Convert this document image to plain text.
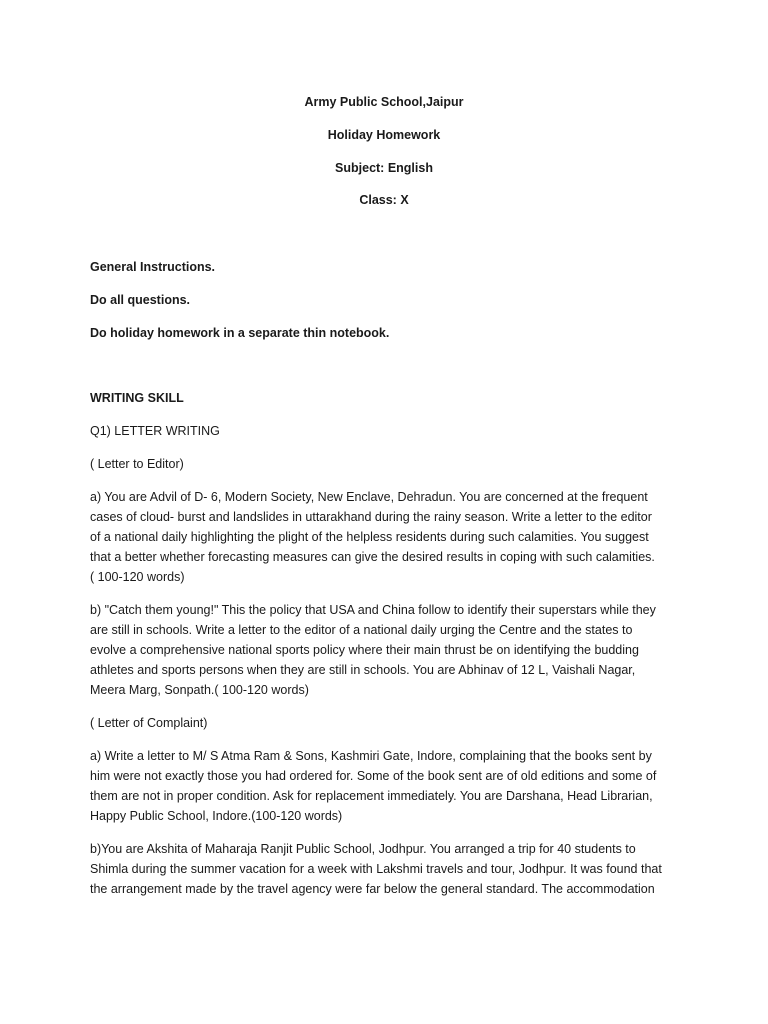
Army Public School,Jaipur
Holiday Homework
Subject: English
Class: X
General Instructions.
Do all questions.
Do holiday homework in a separate thin notebook.
WRITING SKILL
Q1) LETTER WRITING
( Letter to Editor)
a) You are Advil of D- 6, Modern Society, New Enclave, Dehradun. You are concerned at the frequent
cases of cloud- burst and landslides in uttarakhand during the rainy season. Write a letter to the editor
of a national daily highlighting the plight of the helpless residents during such calamities. You suggest
that a better whether forecasting measures can give the desired results in coping with such calamities.
( 100-120 words)
b) "Catch them young!" This the policy that USA and China follow to identify their superstars while they
are still in schools. Write a letter to the editor of a national daily urging the Centre and the states to
evolve a comprehensive national sports policy where their main thrust be on identifying the budding
athletes and sports persons when they are still in schools. You are Abhinav of 12 L, Vaishali Nagar,
Meera Marg, Sonpath.( 100-120 words)
( Letter of Complaint)
a) Write a letter to M/ S Atma Ram & Sons, Kashmiri Gate, Indore, complaining that the books sent by
him were not exactly those you had ordered for. Some of the book sent are of old editions and some of
them are not in proper condition. Ask for replacement immediately. You are Darshana, Head Librarian,
Happy Public School, Indore.(100-120 words)
b)You are Akshita of Maharaja Ranjit Public School, Jodhpur. You arranged a trip for 40 students to
Shimla during the summer vacation for a week with Lakshmi travels and tour, Jodhpur. It was found that
the arrangement made by the travel agency were far below the general standard. The accommodation
